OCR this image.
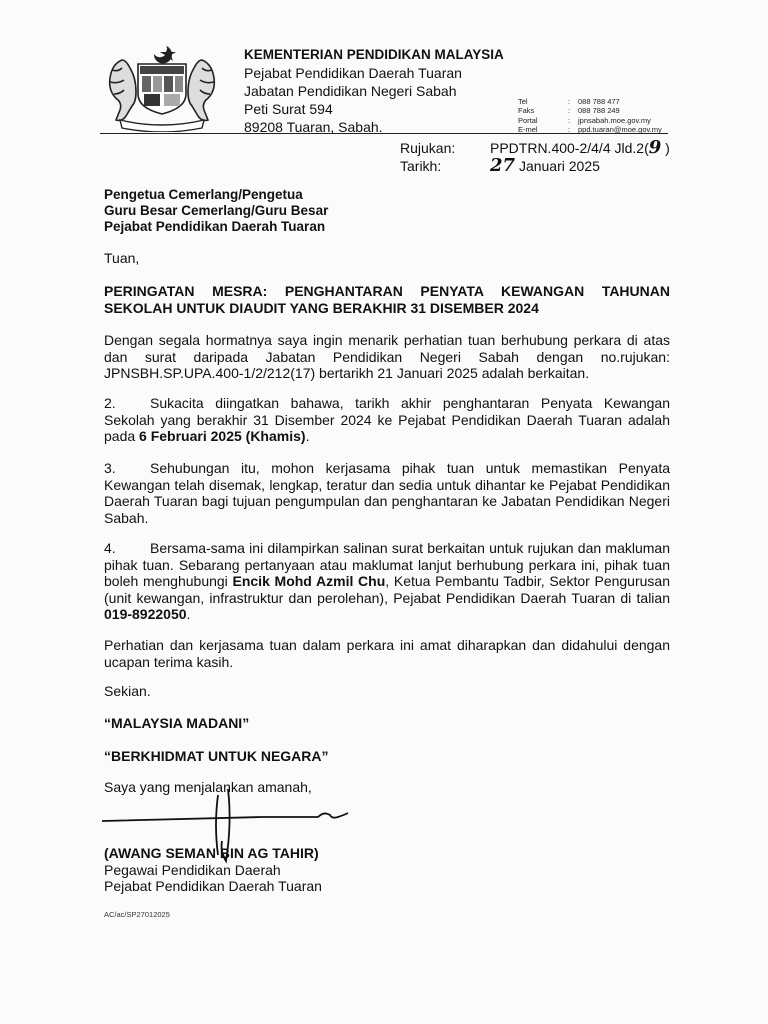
KEMENTERIAN PENDIDIKAN MALAYSIA
Pejabat Pendidikan Daerah Tuaran
Jabatan Pendidikan Negeri Sabah
Peti Surat 594
89208 Tuaran, Sabah.
Tel	:	088 788 477
Faks	:	088 788 249
Portal	:	jpnsabah.moe.gov.my
E-mel	:	ppd.tuaran@moe.gov.my
Rujukan:	PPDTRN.400-2/4/4 Jld.2(9 )
Tarikh:	27 Januari 2025
Pengetua Cemerlang/Pengetua
Guru Besar Cemerlang/Guru Besar
Pejabat Pendidikan Daerah Tuaran
Tuan,
PERINGATAN MESRA: PENGHANTARAN PENYATA KEWANGAN TAHUNAN
SEKOLAH UNTUK DIAUDIT YANG BERAKHIR 31 DISEMBER 2024
Dengan segala hormatnya saya ingin menarik perhatian tuan berhubung perkara di atas dan surat daripada Jabatan Pendidikan Negeri Sabah dengan no.rujukan: JPNSBH.SP.UPA.400-1/2/212(17) bertarikh 21 Januari 2025 adalah berkaitan.
2. Sukacita diingatkan bahawa, tarikh akhir penghantaran Penyata Kewangan Sekolah yang berakhir 31 Disember 2024 ke Pejabat Pendidikan Daerah Tuaran adalah pada 6 Februari 2025 (Khamis).
3. Sehubungan itu, mohon kerjasama pihak tuan untuk memastikan Penyata Kewangan telah disemak, lengkap, teratur dan sedia untuk dihantar ke Pejabat Pendidikan Daerah Tuaran bagi tujuan pengumpulan dan penghantaran ke Jabatan Pendidikan Negeri Sabah.
4. Bersama-sama ini dilampirkan salinan surat berkaitan untuk rujukan dan makluman pihak tuan. Sebarang pertanyaan atau maklumat lanjut berhubung perkara ini, pihak tuan boleh menghubungi Encik Mohd Azmil Chu, Ketua Pembantu Tadbir, Sektor Pengurusan (unit kewangan, infrastruktur dan perolehan), Pejabat Pendidikan Daerah Tuaran di talian 019-8922050.
Perhatian dan kerjasama tuan dalam perkara ini amat diharapkan dan didahului dengan ucapan terima kasih.
Sekian.
“MALAYSIA MADANI”
“BERKHIDMAT UNTUK NEGARA”
Saya yang menjalankan amanah,
(AWANG SEMAN BIN AG TAHIR)
Pegawai Pendidikan Daerah
Pejabat Pendidikan Daerah Tuaran
AC/ac/SP27012025
